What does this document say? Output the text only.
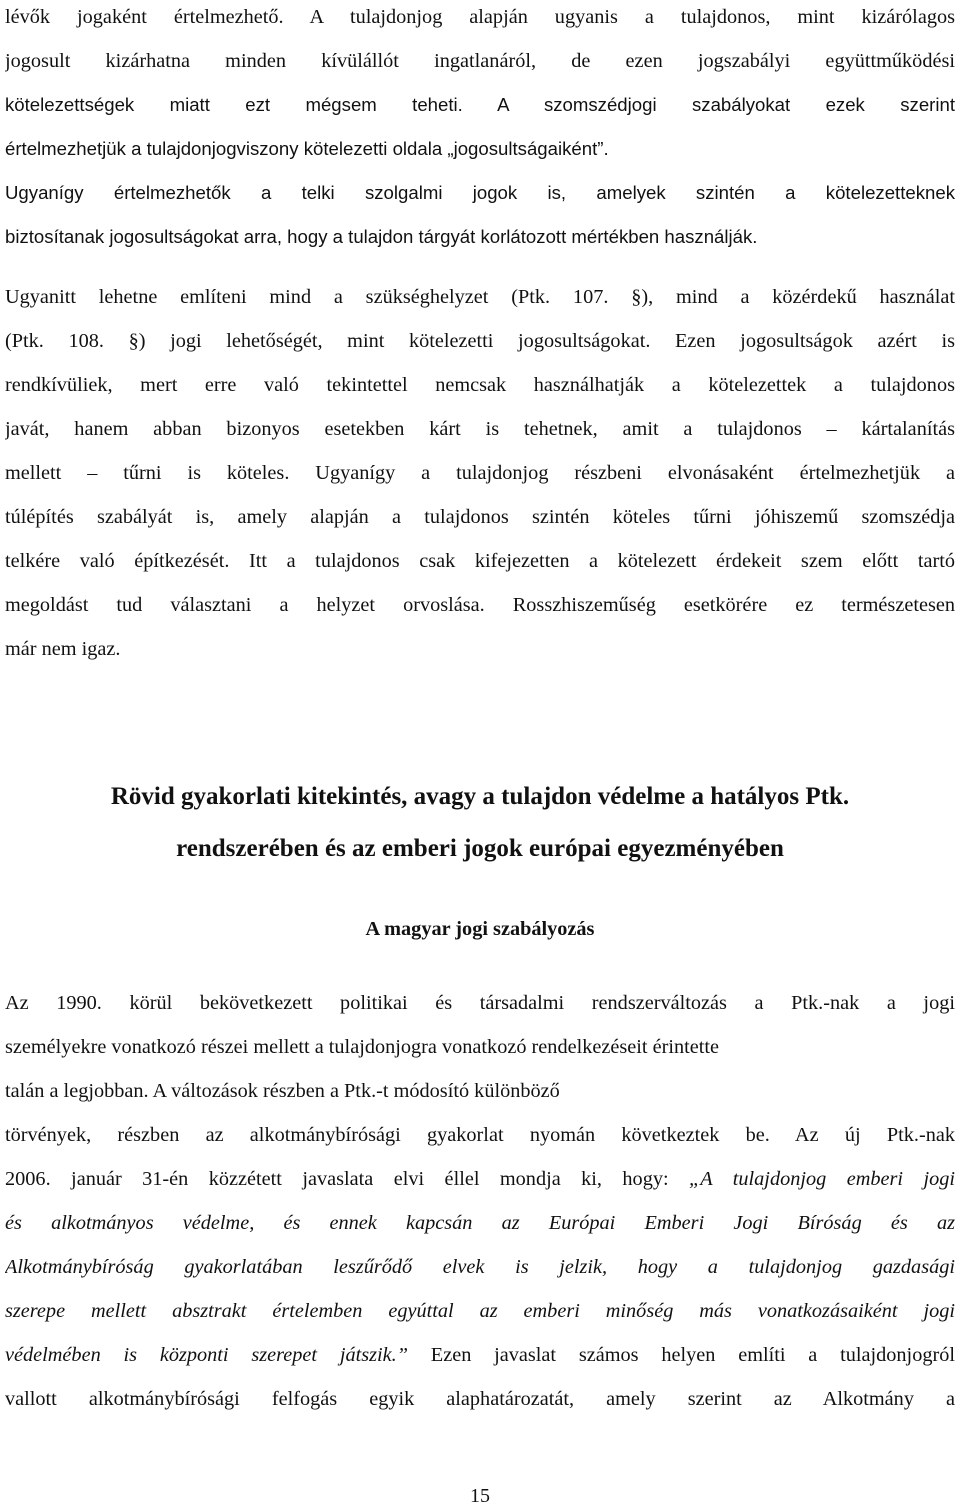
lévők jogaként értelmezhető. A tulajdonjog alapján ugyanis a tulajdonos, mint kizárólagos
jogosult kizárhatna minden kívülállót ingatlanáról, de ezen jogszabályi együttműködési
kötelezettségek miatt ezt mégsem teheti. A szomszédjogi szabályokat ezek szerint
értelmezhetjük a tulajdonjogviszony kötelezetti oldala „jogosultságaiként”.
Ugyanígy értelmezhetők a telki szolgalmi jogok is, amelyek szintén a kötelezetteknek
biztosítanak jogosultságokat arra, hogy a tulajdon tárgyát korlátozott mértékben használják.
Ugyanitt lehetne említeni mind a szükséghelyzet (Ptk. 107. §), mind a közérdekű használat
(Ptk. 108. §) jogi lehetőségét, mint kötelezetti jogosultságokat. Ezen jogosultságok azért is
rendkívüliek, mert erre való tekintettel nemcsak használhatják a kötelezettek a tulajdonos
javát, hanem abban bizonyos esetekben kárt is tehetnek, amit a tulajdonos – kártalanítás
mellett – tűrni is köteles. Ugyanígy a tulajdonjog részbeni elvonásaként értelmezhetjük a
túlépítés szabályát is, amely alapján a tulajdonos szintén köteles tűrni jóhiszemű szomszédja
telkére való építkezését. Itt a tulajdonos csak kifejezetten a kötelezett érdekeit szem előtt tartó
megoldást tud választani a helyzet orvoslása. Rosszhiszeműség esetkörére ez természetesen
már nem igaz.
Rövid gyakorlati kitekintés, avagy a tulajdon védelme a hatályos Ptk.
rendszerében és az emberi jogok európai egyezményében
A magyar jogi szabályozás
Az 1990. körül bekövetkezett politikai és társadalmi rendszerváltozás a Ptk.-nak a jogi
személyekre vonatkozó részei mellett a tulajdonjogra vonatkozó rendelkezéseit érintette
talán a legjobban. A változások részben a Ptk.-t módosító különböző
törvények, részben az alkotmánybírósági gyakorlat nyomán következtek be. Az új Ptk.-nak
2006. január 31-én közzétett javaslata elvi éllel mondja ki, hogy: „A tulajdonjog emberi jogi
és alkotmányos védelme, és ennek kapcsán az Európai Emberi Jogi Bíróság és az
Alkotmánybíróság gyakorlatában leszűrődő elvek is jelzik, hogy a tulajdonjog gazdasági
szerepe mellett absztrakt értelemben egyúttal az emberi minőség más vonatkozásaiként jogi
védelmében is központi szerepet játszik.” Ezen javaslat számos helyen említi a tulajdonjogról
vallott alkotmánybírósági felfogás egyik alaphatározatát, amely szerint az Alkotmány a
15
